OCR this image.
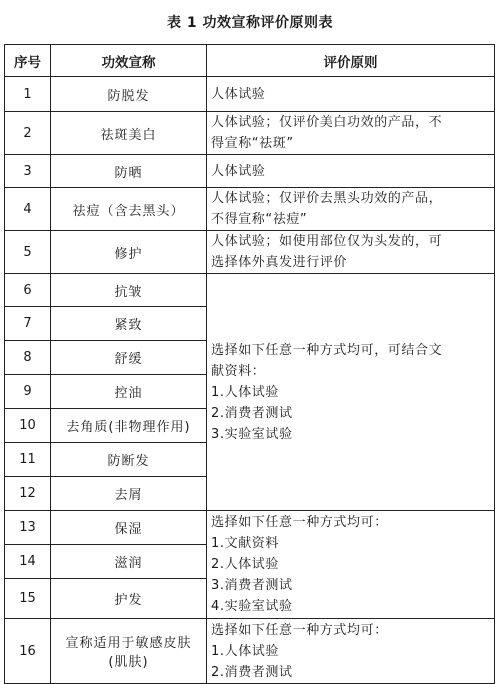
表 1 功效宣称评价原则表
序号	功效宣称	评价原则
1	防脱发	人体试验

2	祛斑美白	人体试验；仅评价美白功效的产品，不
得宣称“祛斑”

3	防晒	人体试验

4	祛痘（含去黑头）	人体试验；仅评价去黑头功效的产品，
不得宣称“祛痘”

5	修护	人体试验；如使用部位仅为头发的，可
选择体外真发进行评价

6	抗皱	选择如下任意一种方式均可，可结合文
献资料：
1.人体试验
2.消费者测试
3.实验室试验

7	紧致	

8	舒缓	

9	控油	

10	去角质(非物理作用)	

11	防断发	

12	去屑	

13	保湿	选择如下任意一种方式均可：
1.文献资料
2.人体试验
3.消费者测试
4.实验室试验

14	滋润	

15	护发	

16	宣称适用于敏感皮肤
(肌肤)	选择如下任意一种方式均可：
1.人体试验
2.消费者测试
